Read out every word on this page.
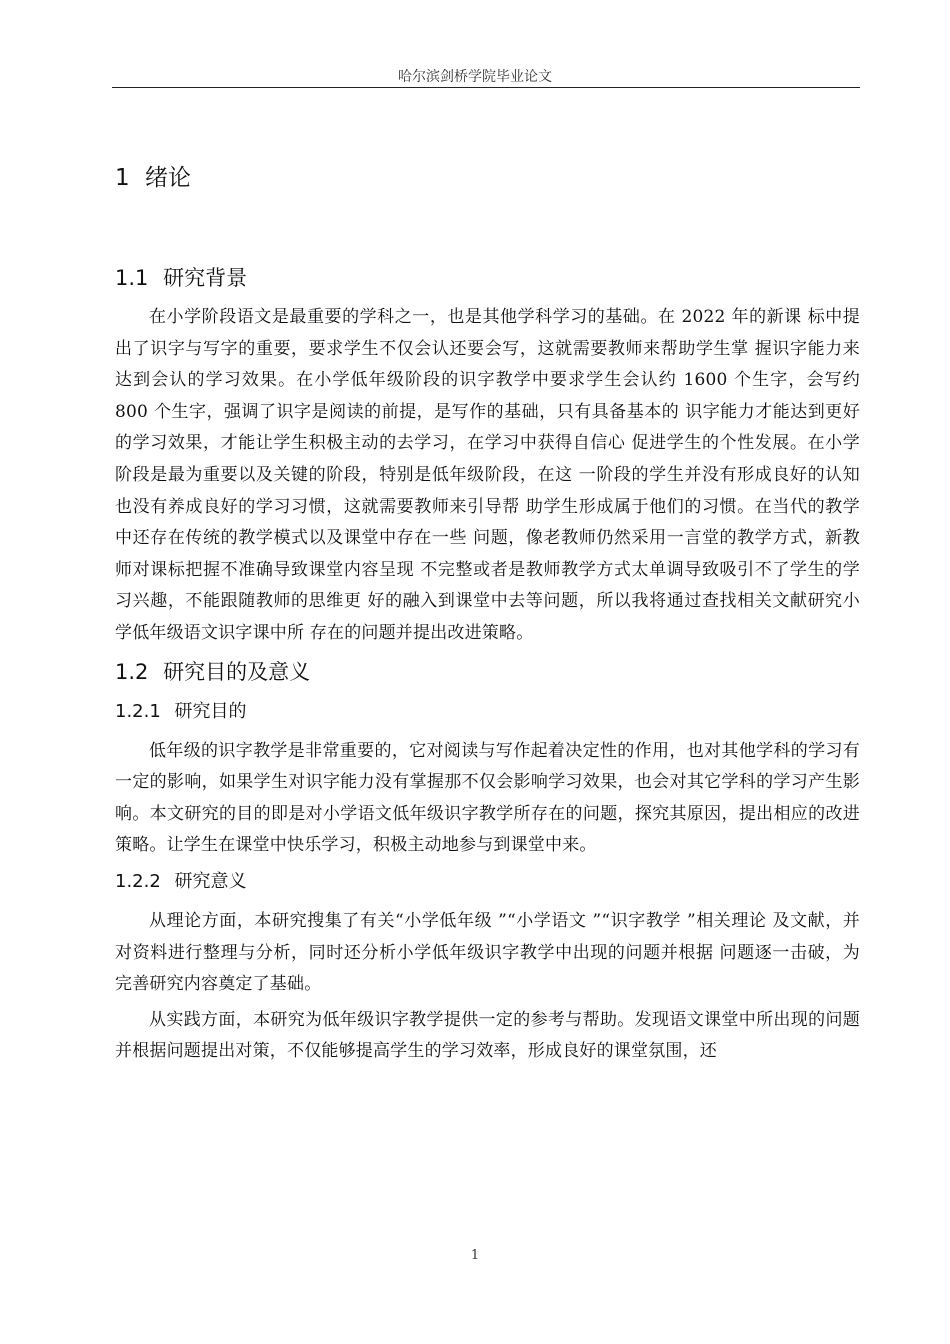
哈尔滨剑桥学院毕业论文
1 绪论
1.1 研究背景

在小学阶段语文是最重要的学科之一，也是其他学科学习的基础。在 2022 年的新课 标中提出了识字与写字的重要，要求学生不仅会认还要会写，这就需要教师来帮助学生掌 握识字能力来达到会认的学习效果。在小学低年级阶段的识字教学中要求学生会认约 1600 个生字，会写约 800 个生字，强调了识字是阅读的前提，是写作的基础，只有具备基本的 识字能力才能达到更好的学习效果，才能让学生积极主动的去学习，在学习中获得自信心 促进学生的个性发展。在小学阶段是最为重要以及关键的阶段，特别是低年级阶段，在这 一阶段的学生并没有形成良好的认知也没有养成良好的学习习惯，这就需要教师来引导帮 助学生形成属于他们的习惯。在当代的教学中还存在传统的教学模式以及课堂中存在一些 问题，像老教师仍然采用一言堂的教学方式，新教师对课标把握不准确导致课堂内容呈现 不完整或者是教师教学方式太单调导致吸引不了学生的学习兴趣，不能跟随教师的思维更 好的融入到课堂中去等问题，所以我将通过查找相关文献研究小学低年级语文识字课中所 存在的问题并提出改进策略。

1.2 研究目的及意义
1.2.1 研究目的

低年级的识字教学是非常重要的，它对阅读与写作起着决定性的作用，也对其他学科的学习有一定的影响，如果学生对识字能力没有掌握那不仅会影响学习效果，也会对其它学科的学习产生影响。本文研究的目的即是对小学语文低年级识字教学所存在的问题，探究其原因，提出相应的改进策略。让学生在课堂中快乐学习，积极主动地参与到课堂中来。

1.2.2 研究意义

从理论方面，本研究搜集了有关“小学低年级 ”“小学语文 ”“识字教学 ”相关理论 及文献，并对资料进行整理与分析，同时还分析小学低年级识字教学中出现的问题并根据 问题逐一击破，为完善研究内容奠定了基础。

从实践方面，本研究为低年级识字教学提供一定的参考与帮助。发现语文课堂中所出现的问题并根据问题提出对策，不仅能够提高学生的学习效率，形成良好的课堂氛围，还

1
